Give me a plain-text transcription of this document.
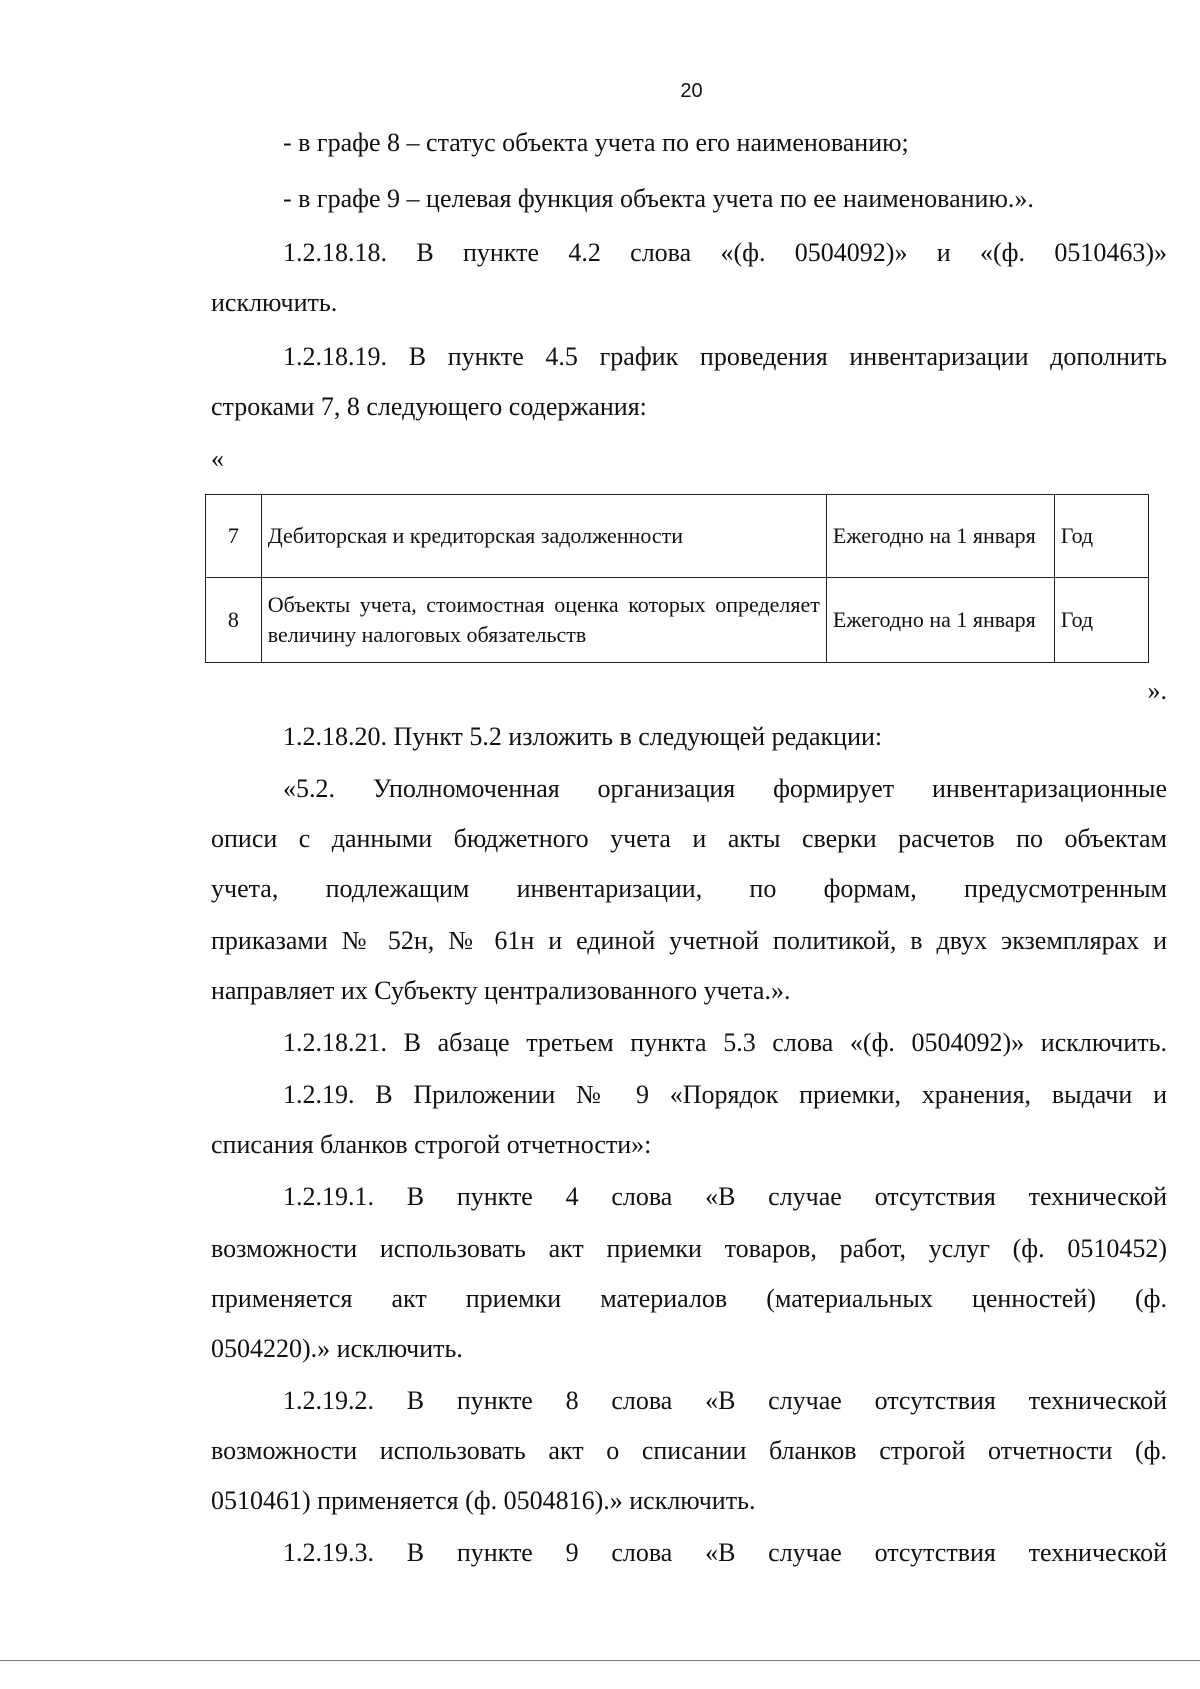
20
- в графе 8 – статус объекта учета по его наименованию;
- в графе 9 – целевая функция объекта учета по ее наименованию.».
1.2.18.18. В пункте 4.2 слова «(ф. 0504092)» и «(ф. 0510463)»
исключить.
1.2.18.19. В пункте 4.5 график проведения инвентаризации дополнить
строками 7, 8 следующего содержания:
«
7	Дебиторская и кредиторская задолженности	Ежегодно на 1 января	Год
8	Объекты учета, стоимостная оценка которых определяет величину налоговых обязательств	Ежегодно на 1 января	Год
».
1.2.18.20. Пункт 5.2 изложить в следующей редакции:
«5.2. Уполномоченная организация формирует инвентаризационные
описи с данными бюджетного учета и акты сверки расчетов по объектам
учета, подлежащим инвентаризации, по формам, предусмотренным
приказами № 52н, № 61н и единой учетной политикой, в двух экземплярах и
направляет их Субъекту централизованного учета.».
1.2.18.21. В абзаце третьем пункта 5.3 слова «(ф. 0504092)» исключить.
1.2.19. В Приложении № 9 «Порядок приемки, хранения, выдачи и
списания бланков строгой отчетности»:
1.2.19.1. В пункте 4 слова «В случае отсутствия технической
возможности использовать акт приемки товаров, работ, услуг (ф. 0510452)
применяется акт приемки материалов (материальных ценностей) (ф.
0504220).» исключить.
1.2.19.2. В пункте 8 слова «В случае отсутствия технической
возможности использовать акт о списании бланков строгой отчетности (ф.
0510461) применяется (ф. 0504816).» исключить.
1.2.19.3. В пункте 9 слова «В случае отсутствия технической
